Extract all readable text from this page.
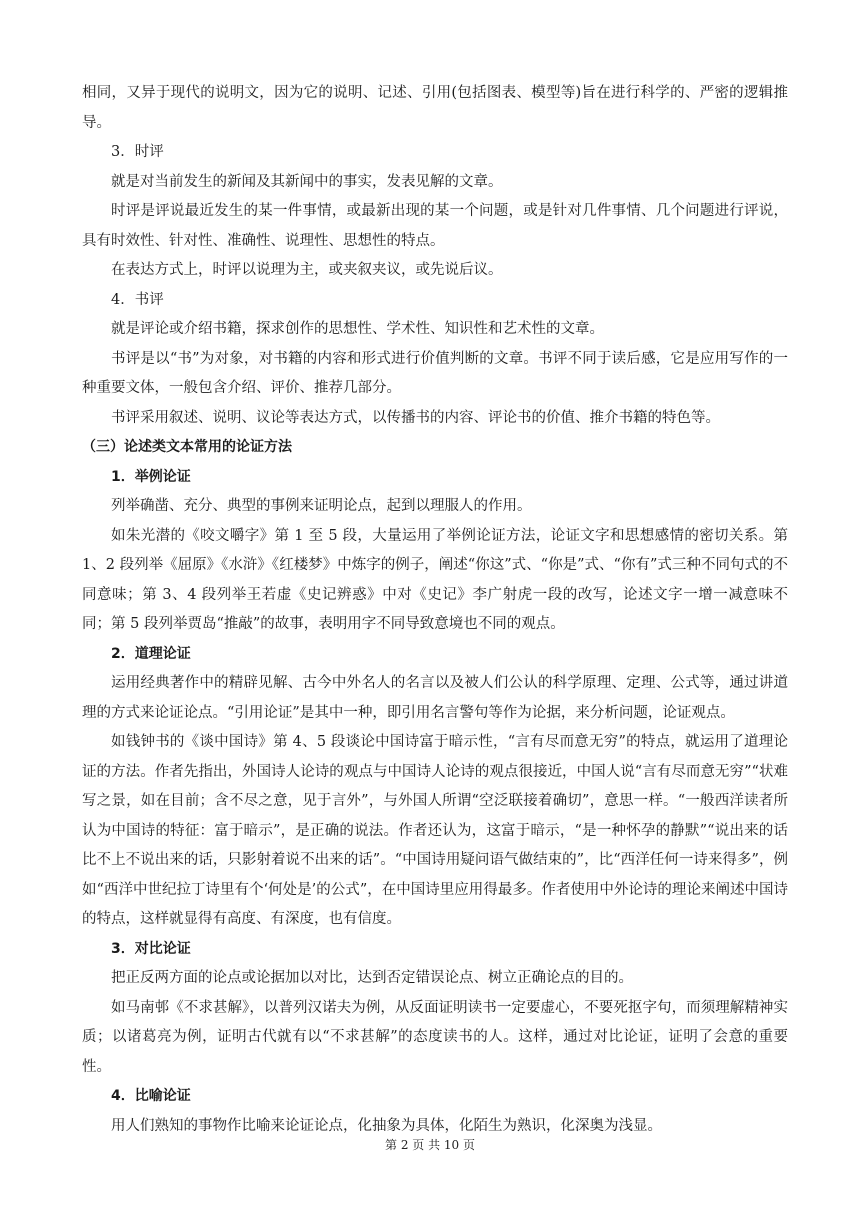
相同，又异于现代的说明文，因为它的说明、记述、引用(包括图表、模型等)旨在进行科学的、严密的逻辑推导。

3．时评

就是对当前发生的新闻及其新闻中的事实，发表见解的文章。

时评是评说最近发生的某一件事情，或最新出现的某一个问题，或是针对几件事情、几个问题进行评说，具有时效性、针对性、准确性、说理性、思想性的特点。

在表达方式上，时评以说理为主，或夹叙夹议，或先说后议。

4．书评

就是评论或介绍书籍，探求创作的思想性、学术性、知识性和艺术性的文章。

书评是以“书”为对象，对书籍的内容和形式进行价值判断的文章。书评不同于读后感，它是应用写作的一种重要文体，一般包含介绍、评价、推荐几部分。

书评采用叙述、说明、议论等表达方式，以传播书的内容、评论书的价值、推介书籍的特色等。

（三）论述类文本常用的论证方法

1．举例论证

列举确凿、充分、典型的事例来证明论点，起到以理服人的作用。

如朱光潜的《咬文嚼字》第 1 至 5 段，大量运用了举例论证方法，论证文字和思想感情的密切关系。第 1、2 段列举《屈原》《水浒》《红楼梦》中炼字的例子，阐述“你这”式、“你是”式、“你有”式三种不同句式的不同意味；第 3、4 段列举王若虚《史记辨惑》中对《史记》李广射虎一段的改写，论述文字一增一减意味不同；第 5 段列举贾岛“推敲”的故事，表明用字不同导致意境也不同的观点。

2．道理论证

运用经典著作中的精辟见解、古今中外名人的名言以及被人们公认的科学原理、定理、公式等，通过讲道理的方式来论证论点。“引用论证”是其中一种，即引用名言警句等作为论据，来分析问题，论证观点。

如钱钟书的《谈中国诗》第 4、5 段谈论中国诗富于暗示性，“言有尽而意无穷”的特点，就运用了道理论证的方法。作者先指出，外国诗人论诗的观点与中国诗人论诗的观点很接近，中国人说“言有尽而意无穷”“状难写之景，如在目前；含不尽之意，见于言外”，与外国人所谓“空泛联接着确切”，意思一样。“一般西洋读者所认为中国诗的特征：富于暗示”，是正确的说法。作者还认为，这富于暗示，“是一种怀孕的静默”“说出来的话比不上不说出来的话，只影射着说不出来的话”。“中国诗用疑问语气做结束的”，比“西洋任何一诗来得多”，例如“西洋中世纪拉丁诗里有个‘何处是’的公式”，在中国诗里应用得最多。作者使用中外论诗的理论来阐述中国诗的特点，这样就显得有高度、有深度，也有信度。

3．对比论证

把正反两方面的论点或论据加以对比，达到否定错误论点、树立正确论点的目的。

如马南邨《不求甚解》，以普列汉诺夫为例，从反面证明读书一定要虚心，不要死抠字句，而须理解精神实质；以诸葛亮为例，证明古代就有以“不求甚解”的态度读书的人。这样，通过对比论证，证明了会意的重要性。

4．比喻论证

用人们熟知的事物作比喻来论证论点，化抽象为具体，化陌生为熟识，化深奥为浅显。

第 2 页 共 10 页
